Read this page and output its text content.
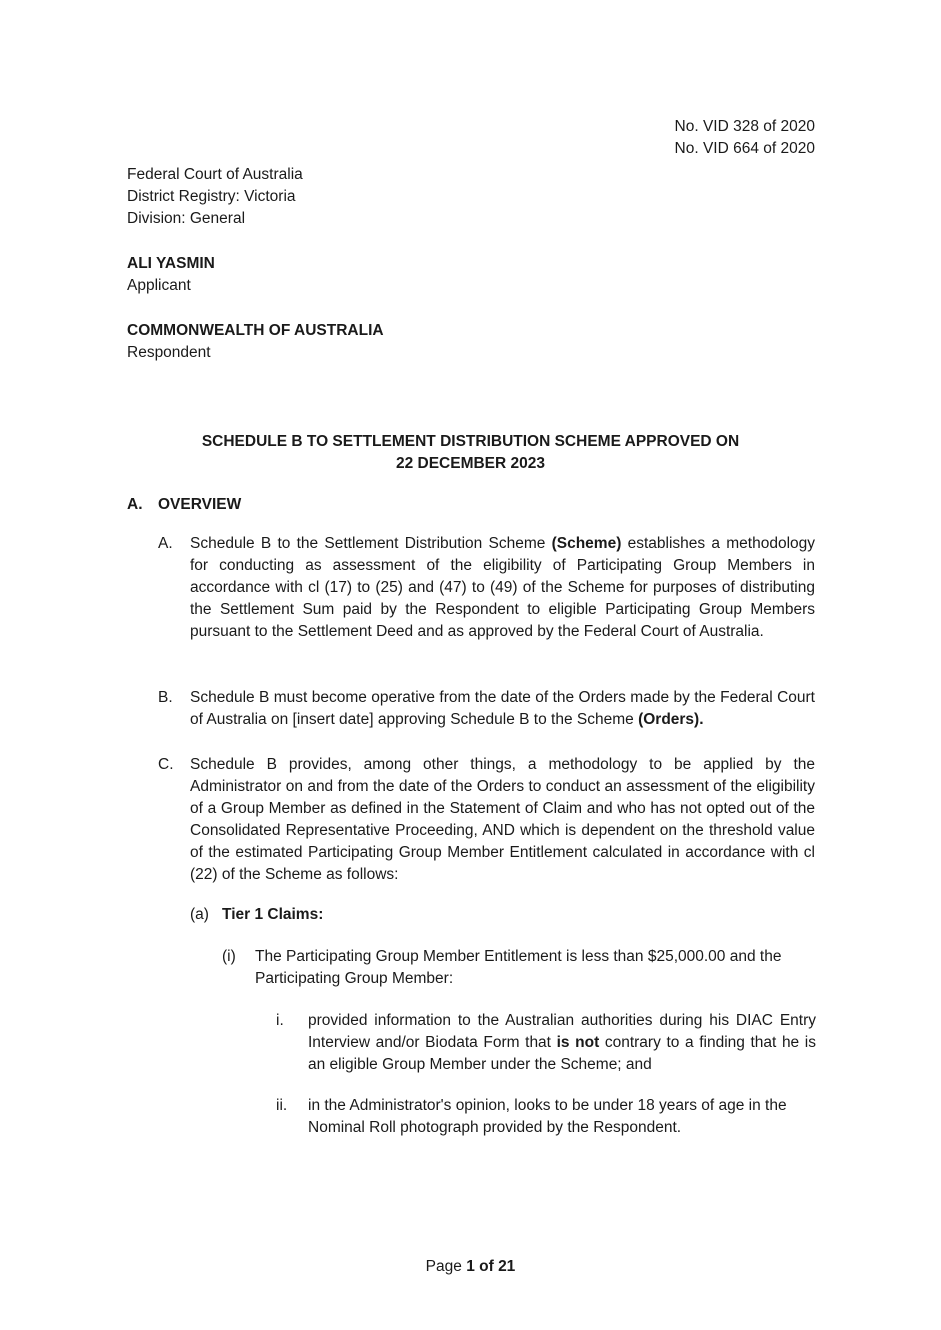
No. VID 328 of 2020
No. VID 664 of 2020
Federal Court of Australia
District Registry: Victoria
Division: General
ALI YASMIN
Applicant
COMMONWEALTH OF AUSTRALIA
Respondent
SCHEDULE B TO SETTLEMENT DISTRIBUTION SCHEME APPROVED ON
22 DECEMBER 2023
A. OVERVIEW
A. Schedule B to the Settlement Distribution Scheme (Scheme) establishes a methodology for conducting as assessment of the eligibility of Participating Group Members in accordance with cl (17) to (25) and (47) to (49) of the Scheme for purposes of distributing the Settlement Sum paid by the Respondent to eligible Participating Group Members pursuant to the Settlement Deed and as approved by the Federal Court of Australia.
B. Schedule B must become operative from the date of the Orders made by the Federal Court of Australia on [insert date] approving Schedule B to the Scheme (Orders).
C. Schedule B provides, among other things, a methodology to be applied by the Administrator on and from the date of the Orders to conduct an assessment of the eligibility of a Group Member as defined in the Statement of Claim and who has not opted out of the Consolidated Representative Proceeding, AND which is dependent on the threshold value of the estimated Participating Group Member Entitlement calculated in accordance with cl (22) of the Scheme as follows:
(a) Tier 1 Claims:
(i) The Participating Group Member Entitlement is less than $25,000.00 and the Participating Group Member:
i. provided information to the Australian authorities during his DIAC Entry Interview and/or Biodata Form that is not contrary to a finding that he is an eligible Group Member under the Scheme; and
ii. in the Administrator's opinion, looks to be under 18 years of age in the Nominal Roll photograph provided by the Respondent.
Page 1 of 21
